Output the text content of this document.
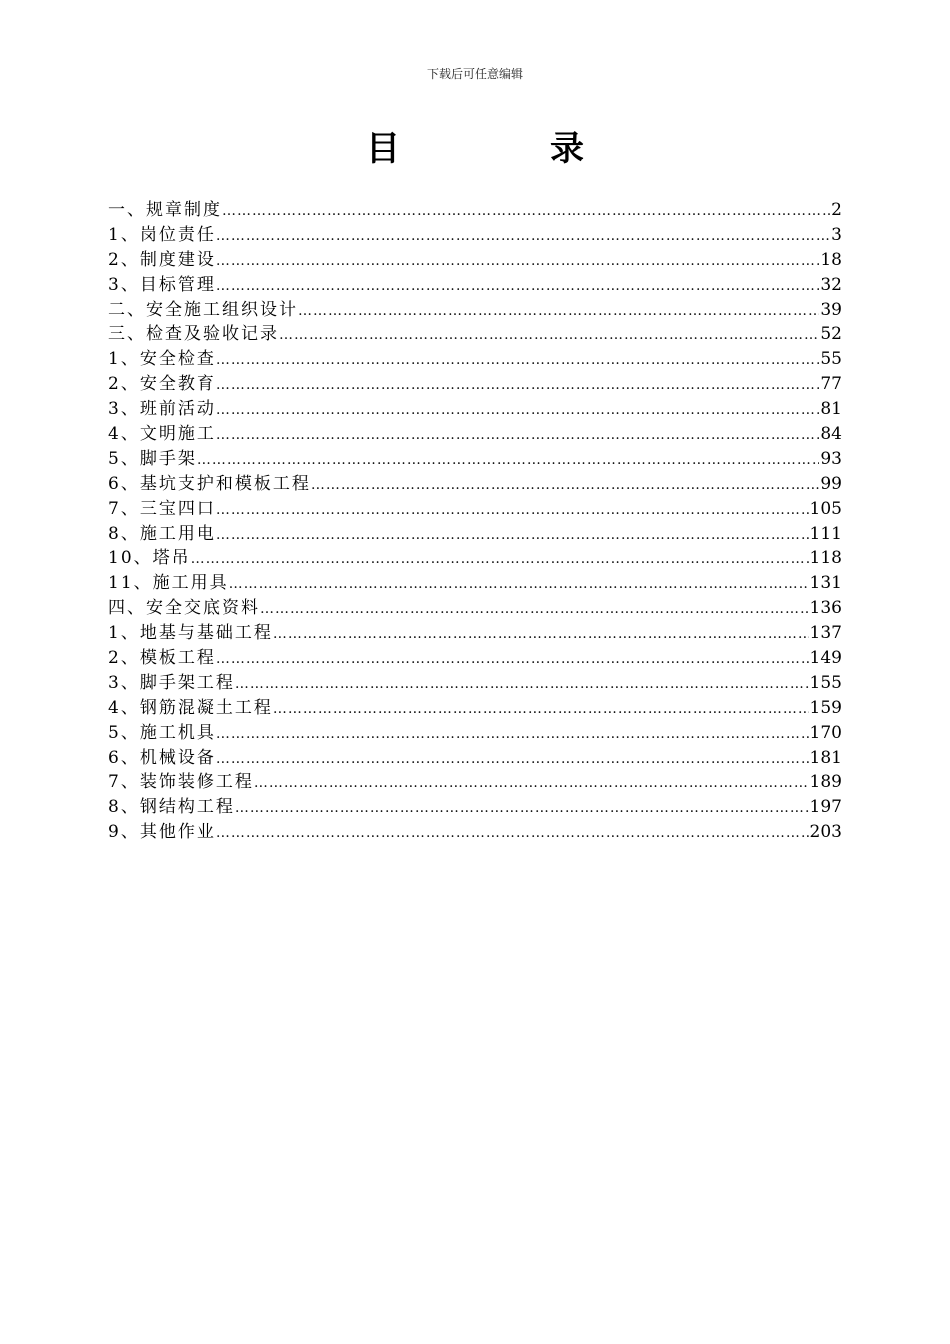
下载后可任意编辑
目	录
一、规章制度 …………………………………………………………………………………………………………………………………………………………………………………………………………………	2
1、岗位责任 …………………………………………………………………………………………………………………………………………………………………………………………………………………	3
2、制度建设 …………………………………………………………………………………………………………………………………………………………………………………………………………………	18
3、目标管理 …………………………………………………………………………………………………………………………………………………………………………………………………………………	32
二、安全施工组织设计 …………………………………………………………………………………………………………………………………………………………………………………………………………………	39
三、检查及验收记录 …………………………………………………………………………………………………………………………………………………………………………………………………………………	52
1、安全检查 …………………………………………………………………………………………………………………………………………………………………………………………………………………	55
2、安全教育 …………………………………………………………………………………………………………………………………………………………………………………………………………………	77
3、班前活动 …………………………………………………………………………………………………………………………………………………………………………………………………………………	81
4、文明施工 …………………………………………………………………………………………………………………………………………………………………………………………………………………	84
5、脚手架 …………………………………………………………………………………………………………………………………………………………………………………………………………………	93
6、基坑支护和模板工程 …………………………………………………………………………………………………………………………………………………………………………………………………………………	99
7、三宝四口 …………………………………………………………………………………………………………………………………………………………………………………………………………………	105
8、施工用电 …………………………………………………………………………………………………………………………………………………………………………………………………………………	111
10、塔吊 …………………………………………………………………………………………………………………………………………………………………………………………………………………	118
11、施工用具 …………………………………………………………………………………………………………………………………………………………………………………………………………………	131
四、安全交底资料 …………………………………………………………………………………………………………………………………………………………………………………………………………………	136
1、地基与基础工程 …………………………………………………………………………………………………………………………………………………………………………………………………………………	137
2、模板工程 …………………………………………………………………………………………………………………………………………………………………………………………………………………	149
3、脚手架工程 …………………………………………………………………………………………………………………………………………………………………………………………………………………	155
4、钢筋混凝土工程 …………………………………………………………………………………………………………………………………………………………………………………………………………………	159
5、施工机具 …………………………………………………………………………………………………………………………………………………………………………………………………………………	170
6、机械设备 …………………………………………………………………………………………………………………………………………………………………………………………………………………	181
7、装饰装修工程 …………………………………………………………………………………………………………………………………………………………………………………………………………………	189
8、钢结构工程 …………………………………………………………………………………………………………………………………………………………………………………………………………………	197
9、其他作业 …………………………………………………………………………………………………………………………………………………………………………………………………………………	203
